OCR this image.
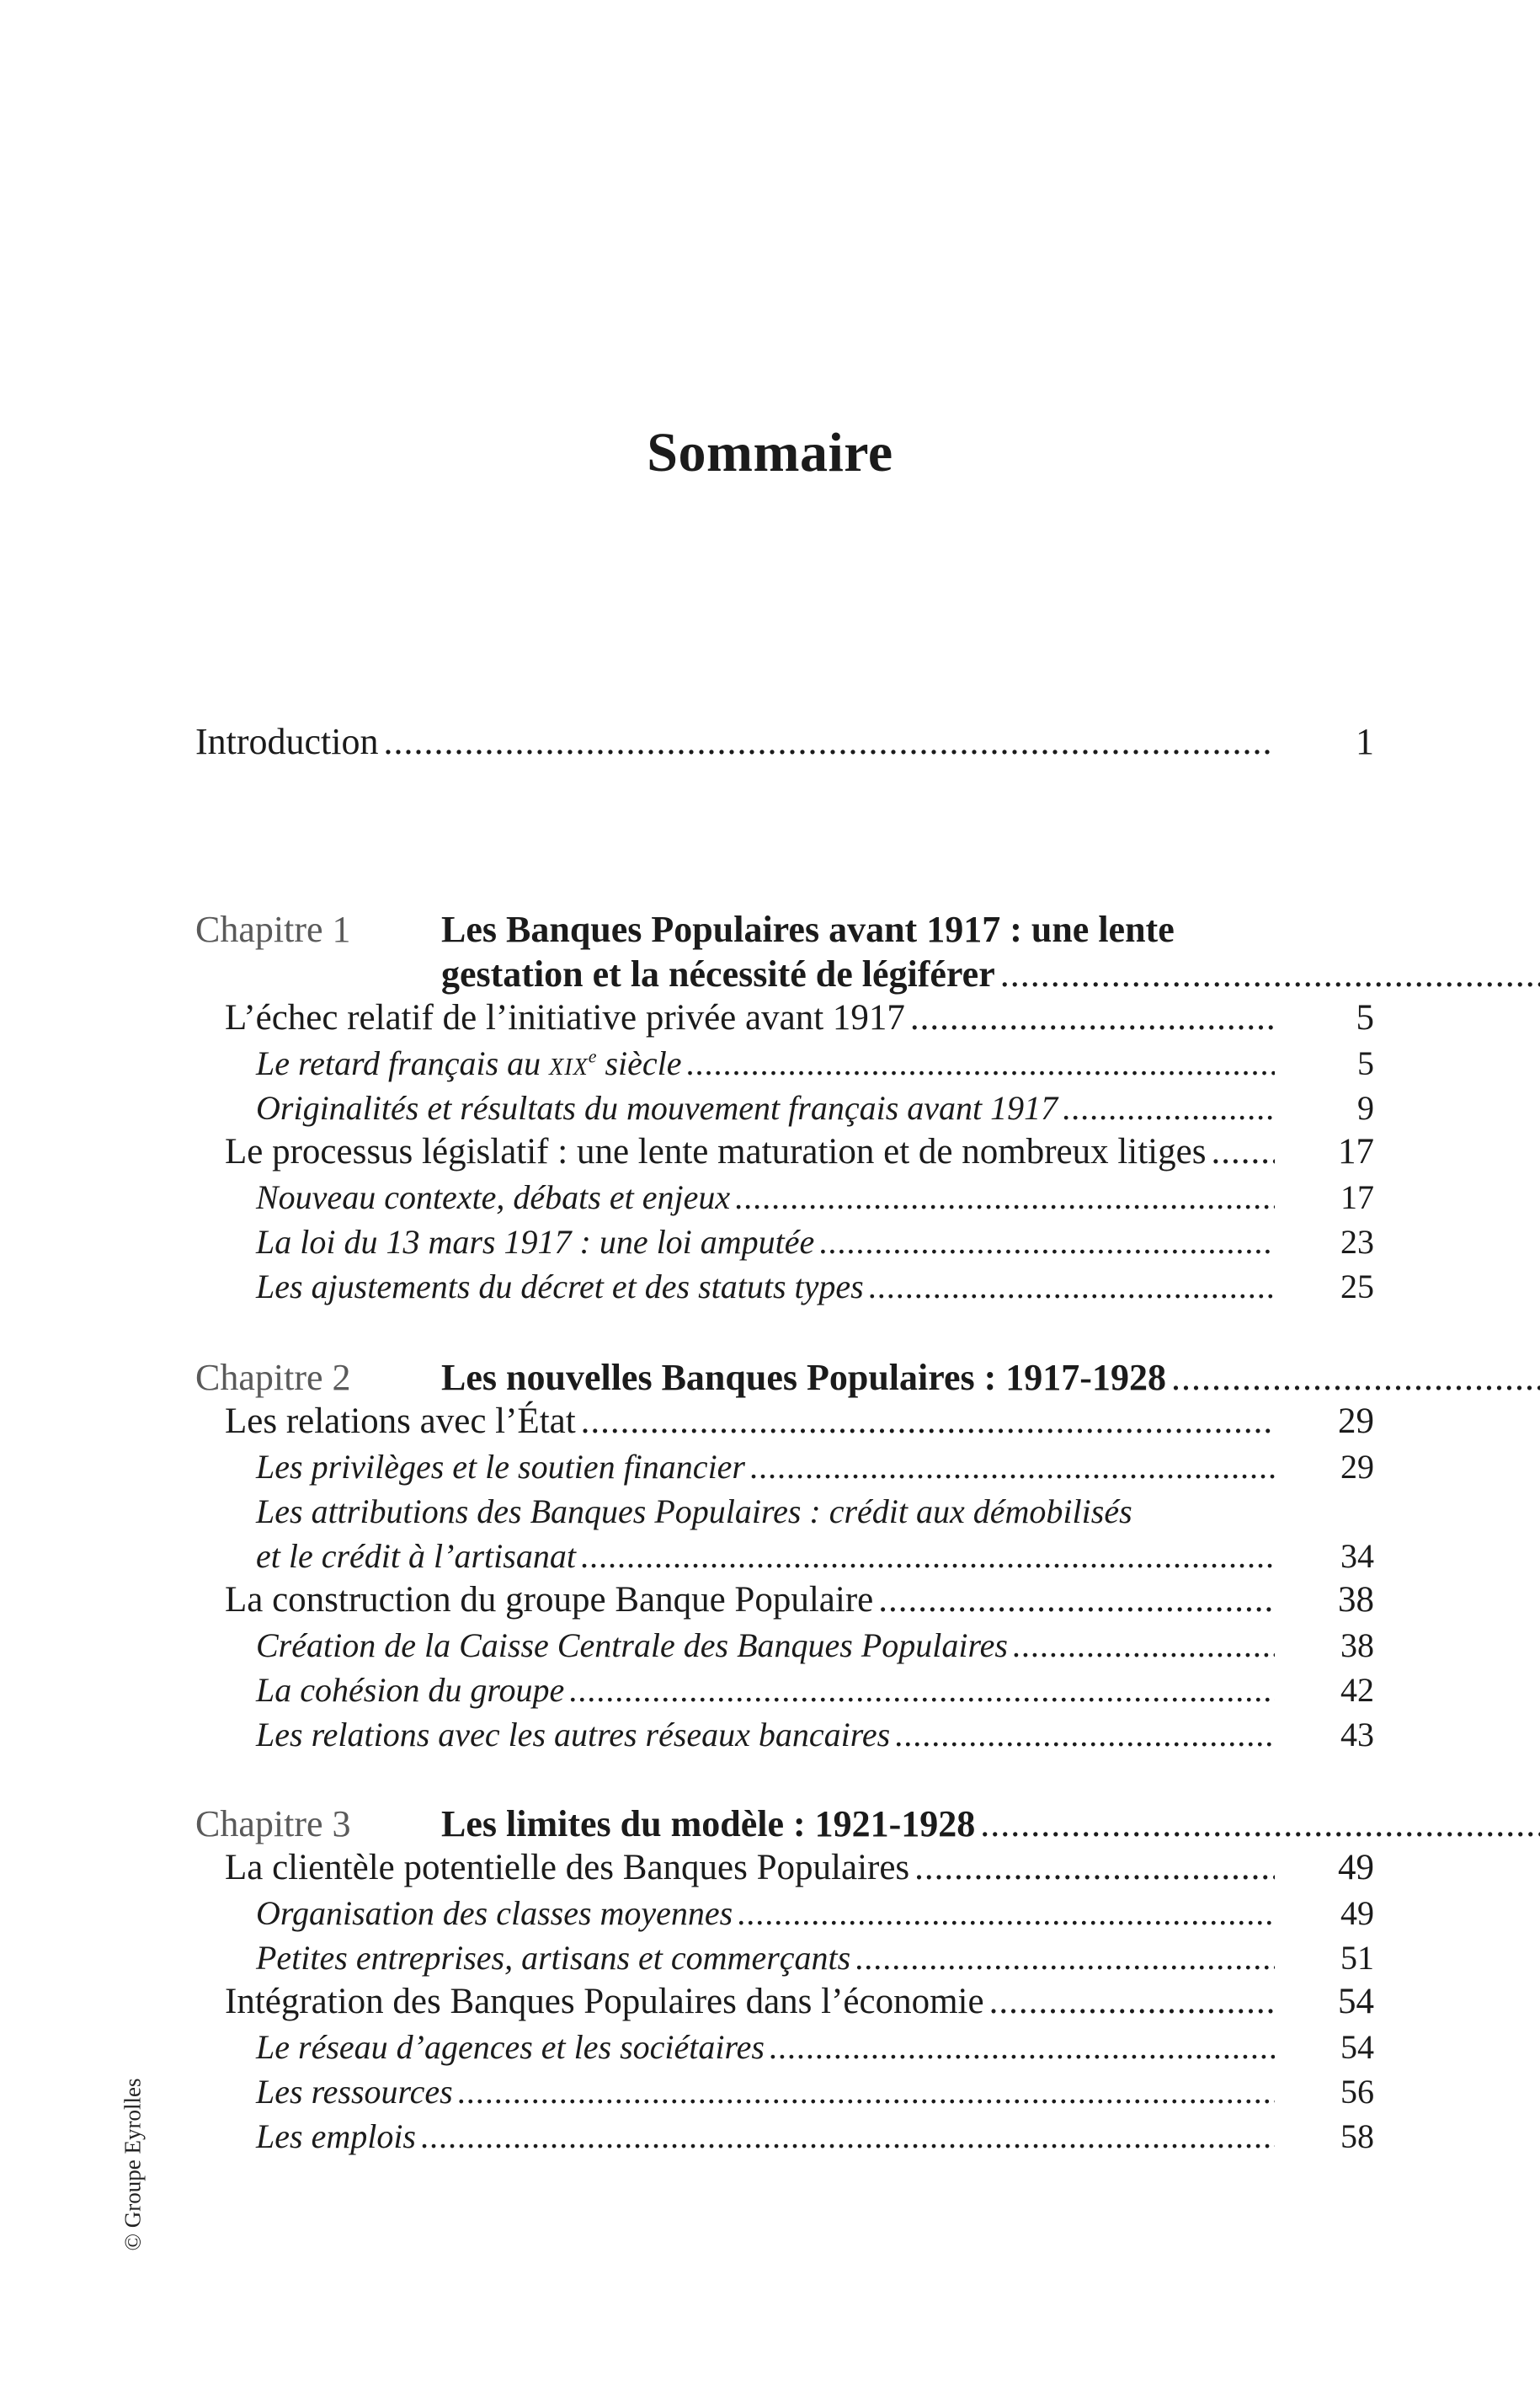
Sommaire
Introduction .....	1
Chapitre 1	Les Banques Populaires avant 1917 : une lente
gestation et la nécessité de légiférer
.....
L’échec relatif de l’initiative privée avant 1917 .....	5
Le retard français au XIXe siècle .....	5
Originalités et résultats du mouvement français avant 1917 .....	9
Le processus législatif : une lente maturation et de nombreux litiges .....	17
Nouveau contexte, débats et enjeux .....	17
La loi du 13 mars 1917 : une loi amputée .....	23
Les ajustements du décret et des statuts types .....	25
Chapitre 2	Les nouvelles Banques Populaires : 1917-1928
.....
Les relations avec l’État .....	29
Les privilèges et le soutien financier .....	29
Les attributions des Banques Populaires : crédit aux démobilisés
et le crédit à l’artisanat .....	34
La construction du groupe Banque Populaire .....	38
Création de la Caisse Centrale des Banques Populaires .....	38
La cohésion du groupe .....	42
Les relations avec les autres réseaux bancaires .....	43
Chapitre 3	Les limites du modèle : 1921-1928
.....
La clientèle potentielle des Banques Populaires .....	49
Organisation des classes moyennes .....	49
Petites entreprises, artisans et commerçants .....	51
Intégration des Banques Populaires dans l’économie .....	54
Le réseau d’agences et les sociétaires .....	54
Les ressources .....	56
Les emplois .....	58
© Groupe Eyrolles
